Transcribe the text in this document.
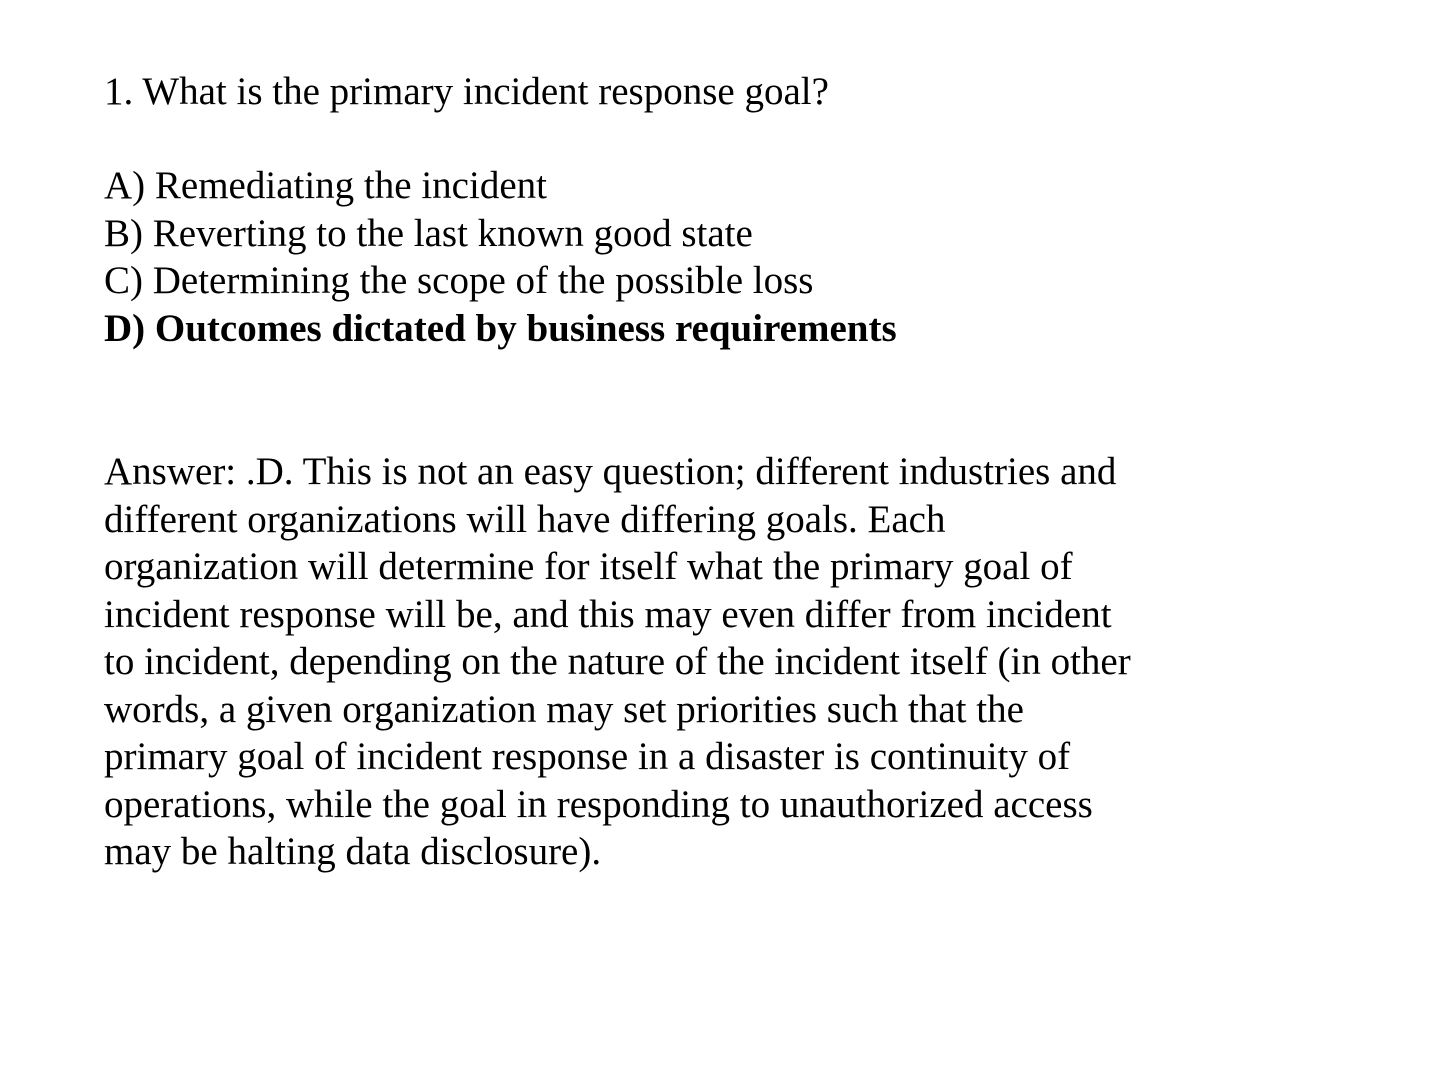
1. What is the primary incident response goal?

A) Remediating the incident
B) Reverting to the last known good state
C) Determining the scope of the possible loss
D) Outcomes dictated by business requirements
Answer: .D. This is not an easy question; different industries and
different organizations will have differing goals. Each
organization will determine for itself what the primary goal of
incident response will be, and this may even differ from incident
to incident, depending on the nature of the incident itself (in other
words, a given organization may set priorities such that the
primary goal of incident response in a disaster is continuity of
operations, while the goal in responding to unauthorized access
may be halting data disclosure).
